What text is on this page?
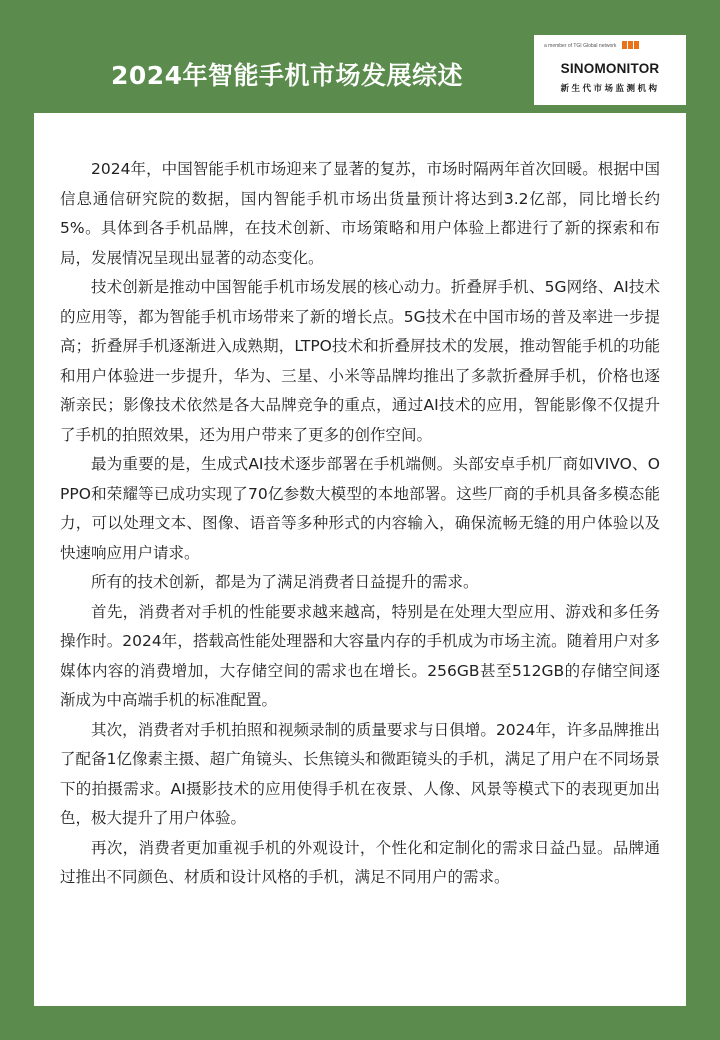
2024年智能手机市场发展综述
a member of TGI Global network
SINOMONITOR
新生代市场监测机构

2024年，中国智能手机市场迎来了显著的复苏，市场时隔两年首次回暖。根据中国信息通信研究院的数据，国内智能手机市场出货量预计将达到3.2亿部，同比增长约5%。具体到各手机品牌，在技术创新、市场策略和用户体验上都进行了新的探索和布局，发展情况呈现出显著的动态变化。

技术创新是推动中国智能手机市场发展的核心动力。折叠屏手机、5G网络、AI技术的应用等，都为智能手机市场带来了新的增长点。5G技术在中国市场的普及率进一步提高；折叠屏手机逐渐进入成熟期，LTPO技术和折叠屏技术的发展，推动智能手机的功能和用户体验进一步提升，华为、三星、小米等品牌均推出了多款折叠屏手机，价格也逐渐亲民；影像技术依然是各大品牌竞争的重点，通过AI技术的应用，智能影像不仅提升了手机的拍照效果，还为用户带来了更多的创作空间。

最为重要的是，生成式AI技术逐步部署在手机端侧。头部安卓手机厂商如VIVO、OPPO和荣耀等已成功实现了70亿参数大模型的本地部署。这些厂商的手机具备多模态能力，可以处理文本、图像、语音等多种形式的内容输入，确保流畅无缝的用户体验以及快速响应用户请求。

所有的技术创新，都是为了满足消费者日益提升的需求。

首先，消费者对手机的性能要求越来越高，特别是在处理大型应用、游戏和多任务操作时。2024年，搭载高性能处理器和大容量内存的手机成为市场主流。随着用户对多媒体内容的消费增加，大存储空间的需求也在增长。256GB甚至512GB的存储空间逐渐成为中高端手机的标准配置。

其次，消费者对手机拍照和视频录制的质量要求与日俱增。2024年，许多品牌推出了配备1亿像素主摄、超广角镜头、长焦镜头和微距镜头的手机，满足了用户在不同场景下的拍摄需求。AI摄影技术的应用使得手机在夜景、人像、风景等模式下的表现更加出色，极大提升了用户体验。

再次，消费者更加重视手机的外观设计，个性化和定制化的需求日益凸显。品牌通过推出不同颜色、材质和设计风格的手机，满足不同用户的需求。
